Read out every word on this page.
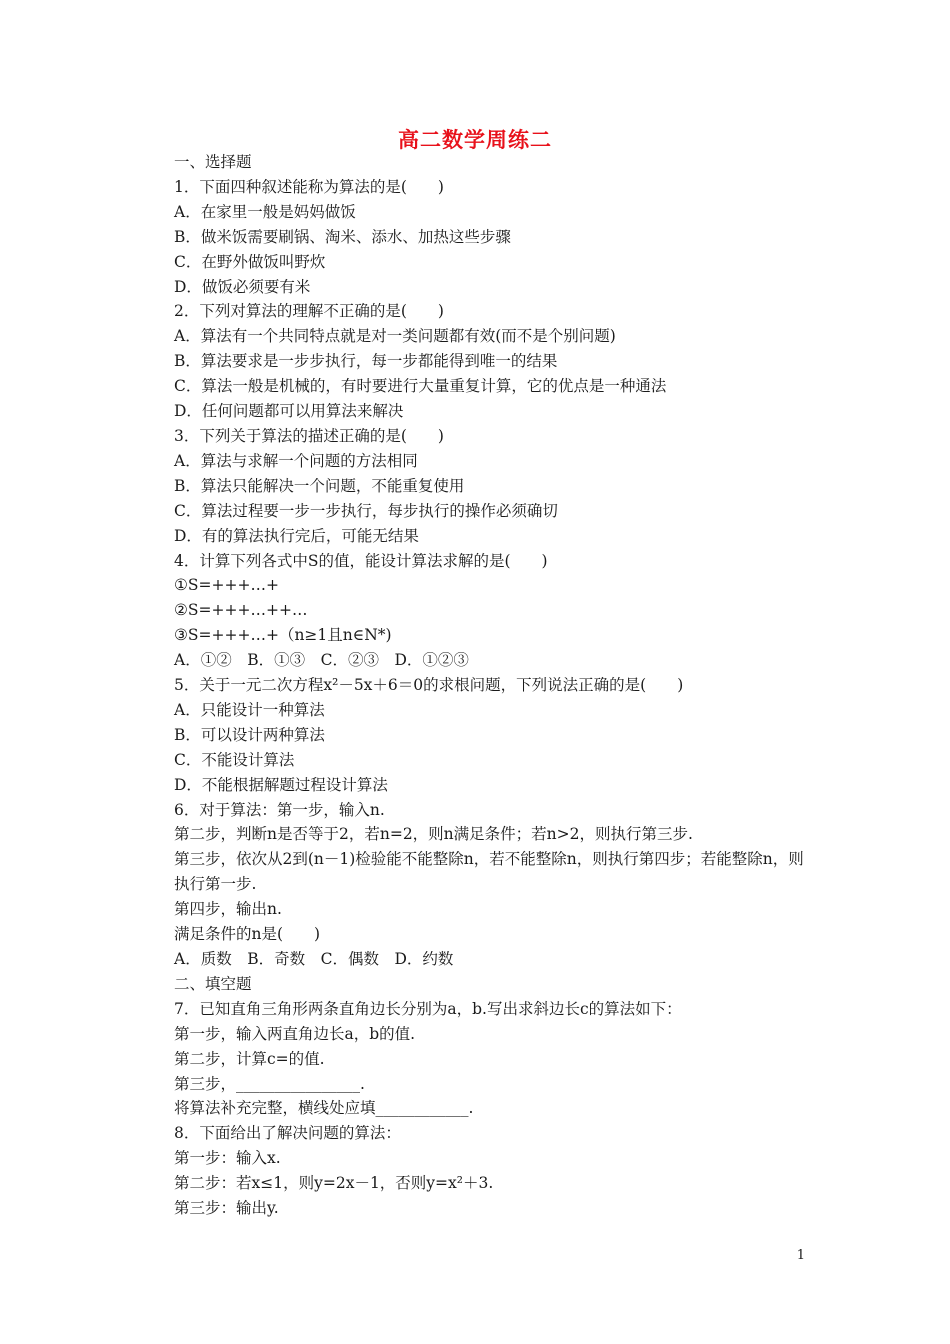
高二数学周练二
一、选择题
1．下面四种叙述能称为算法的是(　　)
A．在家里一般是妈妈做饭
B．做米饭需要刷锅、淘米、添水、加热这些步骤
C．在野外做饭叫野炊
D．做饭必须要有米
2．下列对算法的理解不正确的是(　　)
A．算法有一个共同特点就是对一类问题都有效(而不是个别问题)
B．算法要求是一步步执行，每一步都能得到唯一的结果
C．算法一般是机械的，有时要进行大量重复计算，它的优点是一种通法
D．任何问题都可以用算法来解决
3．下列关于算法的描述正确的是(　　)
A．算法与求解一个问题的方法相同
B．算法只能解决一个问题，不能重复使用
C．算法过程要一步一步执行，每步执行的操作必须确切
D．有的算法执行完后，可能无结果
4．计算下列各式中S的值，能设计算法求解的是(　　)
①S=+++…+
②S=+++…++…
③S=+++…+（n≥1且n∈N*)
A．①②　B．①③　C．②③　D．①②③
5．关于一元二次方程x²－5x＋6＝0的求根问题，下列说法正确的是(　　)
A．只能设计一种算法
B．可以设计两种算法
C．不能设计算法
D．不能根据解题过程设计算法
6．对于算法：第一步，输入n.
第二步，判断n是否等于2，若n=2，则n满足条件；若n>2，则执行第三步.
第三步，依次从2到(n－1)检验能不能整除n，若不能整除n，则执行第四步；若能整除n，则执行第一步.
第四步，输出n.
满足条件的n是(　　)
A．质数　B．奇数　C．偶数　D．约数
二、填空题
7．已知直角三角形两条直角边长分别为a，b.写出求斜边长c的算法如下：
第一步，输入两直角边长a，b的值.
第二步，计算c=的值.
第三步，________________.
将算法补充完整，横线处应填____________.
8．下面给出了解决问题的算法：
第一步：输入x.
第二步：若x≤1，则y=2x－1，否则y=x²＋3.
第三步：输出y.
1
